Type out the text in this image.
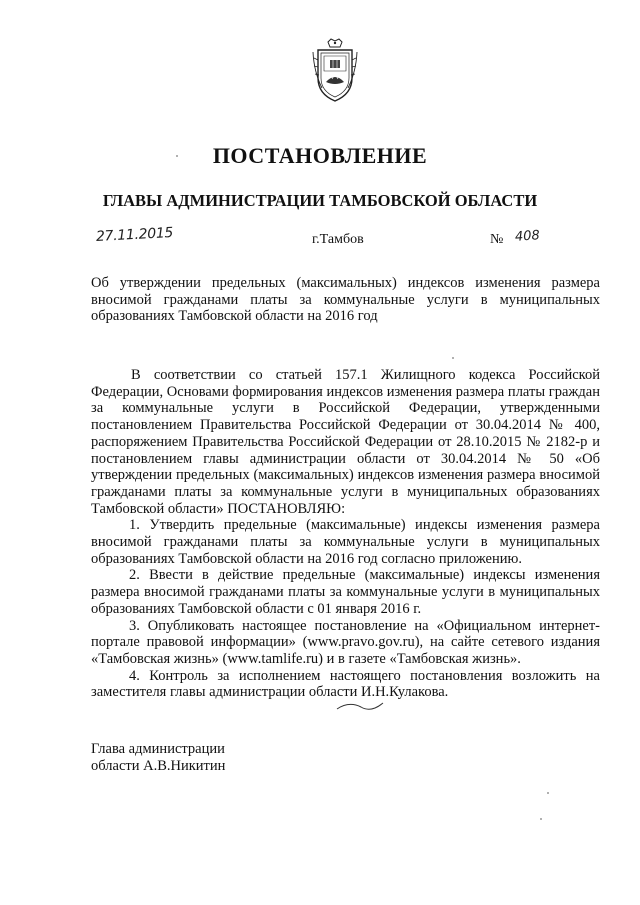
ПОСТАНОВЛЕНИЕ
ГЛАВЫ АДМИНИСТРАЦИИ ТАМБОВСКОЙ ОБЛАСТИ
27.11.2015	г.Тамбов	№ 408
Об утверждении предельных (максимальных) индексов изменения размера вносимой гражданами платы за коммунальные услуги в муниципальных образованиях Тамбовской области на 2016 год

В соответствии со статьей 157.1 Жилищного кодекса Российской Федерации, Основами формирования индексов изменения размера платы граждан за коммунальные услуги в Российской Федерации, утвержденными постановлением Правительства Российской Федерации от 30.04.2014 № 400, распоряжением Правительства Российской Федерации от 28.10.2015 № 2182-р и постановлением главы администрации области от 30.04.2014 № 50 «Об утверждении предельных (максимальных) индексов изменения размера вносимой гражданами платы за коммунальные услуги в муниципальных образованиях Тамбовской области» ПОСТАНОВЛЯЮ:

1. Утвердить предельные (максимальные) индексы изменения размера вносимой гражданами платы за коммунальные услуги в муниципальных образованиях Тамбовской области на 2016 год согласно приложению.

2. Ввести в действие предельные (максимальные) индексы изменения размера вносимой гражданами платы за коммунальные услуги в муниципальных образованиях Тамбовской области с 01 января 2016 г.

3. Опубликовать настоящее постановление на «Официальном интернет-портале правовой информации» (www.pravo.gov.ru), на сайте сетевого издания «Тамбовская жизнь» (www.tamlife.ru) и в газете «Тамбовская жизнь».

4. Контроль за исполнением настоящего постановления возложить на заместителя главы администрации области И.Н.Кулакова.

Глава администрации
области А.В.Никитин
